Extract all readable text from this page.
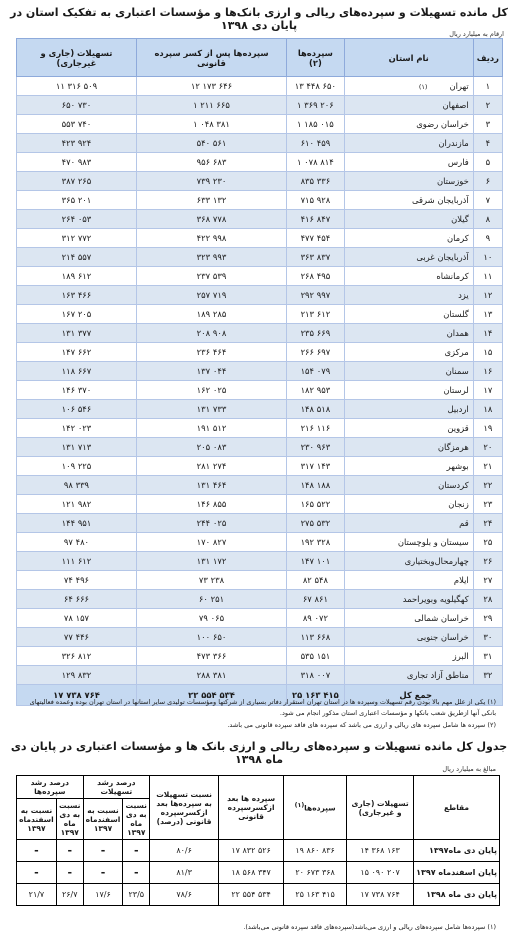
کل مانده تسهیلات و سپرده‌های ریالی و ارزی بانک‌ها و مؤسسات اعتباری به تفکیک استان در پایان دی ۱۳۹۸
ارقام به میلیارد ریال
ردیف	نام استان	سپرده‌ها (۲)	سپرده‌ها پس از کسر سپرده قانونی	تسهیلات (جاری و غیرجاری)
۱	تهران(۱)	۱۳ ۴۴۸ ۶۵۰	۱۲ ۱۷۳ ۶۴۶	۱۱ ۳۱۶ ۵۰۹
۲	اصفهان	۱ ۳۶۹ ۲۰۶	۱ ۲۱۱ ۶۶۵	۶۵۰ ۷۳۰
۳	خراسان رضوی	۱ ۱۸۵ ۰۱۵	۱ ۰۴۸ ۳۸۱	۵۵۳ ۷۴۰
۴	مازندران	۶۱۰ ۴۵۹	۵۴۰ ۵۶۱	۴۲۳ ۹۲۴
۵	فارس	۱ ۰۷۸ ۸۱۴	۹۵۶ ۶۸۳	۴۷۰ ۹۸۳
۶	خوزستان	۸۳۵ ۳۳۶	۷۳۹ ۲۳۰	۳۸۷ ۲۶۵
۷	آذربایجان شرقی	۷۱۵ ۹۲۸	۶۳۳ ۱۳۲	۳۶۵ ۲۰۱
۸	گیلان	۴۱۶ ۸۴۷	۳۶۸ ۷۷۸	۲۶۴ ۰۵۳
۹	کرمان	۴۷۷ ۴۵۴	۴۲۲ ۹۹۸	۳۱۲ ۷۷۲
۱۰	آذربایجان غربی	۳۶۳ ۸۳۷	۳۲۳ ۹۹۳	۲۱۴ ۵۵۷
۱۱	کرمانشاه	۲۶۸ ۴۹۵	۲۳۷ ۵۳۹	۱۸۹ ۶۱۲
۱۲	یزد	۲۹۲ ۹۹۷	۲۵۷ ۷۱۹	۱۶۳ ۴۶۶
۱۳	گلستان	۲۱۳ ۶۱۲	۱۸۹ ۲۸۵	۱۶۷ ۲۰۵
۱۴	همدان	۲۳۵ ۶۶۹	۲۰۸ ۹۰۸	۱۳۱ ۳۷۷
۱۵	مرکزی	۲۶۶ ۶۹۷	۲۳۶ ۴۶۴	۱۴۷ ۶۶۲
۱۶	سمنان	۱۵۴ ۰۷۹	۱۳۷ ۰۴۴	۱۱۸ ۶۶۷
۱۷	لرستان	۱۸۲ ۹۵۳	۱۶۲ ۰۲۵	۱۴۶ ۳۷۰
۱۸	اردبیل	۱۴۸ ۵۱۸	۱۳۱ ۷۳۳	۱۰۶ ۵۴۶
۱۹	قزوین	۲۱۶ ۱۱۶	۱۹۱ ۵۱۲	۱۴۲ ۰۲۳
۲۰	هرمزگان	۲۳۰ ۹۶۳	۲۰۵ ۰۸۳	۱۳۱ ۷۱۳
۲۱	بوشهر	۳۱۷ ۱۴۳	۲۸۱ ۲۷۴	۱۰۹ ۲۲۵
۲۲	کردستان	۱۴۸ ۱۸۸	۱۳۱ ۴۶۴	۹۸ ۳۳۹
۲۳	زنجان	۱۶۵ ۵۲۲	۱۴۶ ۸۵۵	۱۲۱ ۹۸۲
۲۴	قم	۲۷۵ ۵۳۲	۲۴۴ ۰۲۵	۱۴۴ ۹۵۱
۲۵	سیستان و بلوچستان	۱۹۲ ۳۲۸	۱۷۰ ۸۲۷	۹۷ ۴۸۰
۲۶	چهارمحال‌وبختیاری	۱۴۷ ۱۰۱	۱۳۱ ۱۷۲	۱۱۱ ۶۱۲
۲۷	ایلام	۸۲ ۵۴۸	۷۳ ۲۳۸	۷۴ ۴۹۶
۲۸	کهگیلویه وبویراحمد	۶۷ ۸۶۱	۶۰ ۲۵۱	۶۴ ۶۶۶
۲۹	خراسان شمالی	۸۹ ۰۷۲	۷۹ ۰۶۵	۷۸ ۱۵۷
۳۰	خراسان جنوبی	۱۱۳ ۶۶۸	۱۰۰ ۶۵۰	۷۷ ۴۴۶
۳۱	البرز	۵۳۵ ۱۵۱	۴۷۳ ۳۶۶	۳۲۶ ۸۱۲
۳۲	مناطق آزاد تجاری	۳۱۸ ۰۰۷	۲۸۸ ۳۸۱	۱۲۹ ۸۳۲
جمع کل		۲۵ ۱۶۳ ۴۱۵	۲۲ ۵۵۴ ۵۳۴	۱۷ ۷۳۸ ۷۶۴
(۱) یکی از علل مهم بالا بودن رقم تسهیلات وسپرده ها در استان تهران استقرار دفاتر بسیاری از شرکتها ومؤسسات تولیدی سایر استانها در استان تهران بوده وعمده فعالیتهای بانکی آنها ازطریق شعب بانکها و مؤسسات اعتباری استان مذکور انجام می شود.
(۲) سپرده ها شامل سپرده های ریالی و ارزی می باشد که سپرده های فاقد سپرده قانونی می باشد.
جدول کل مانده تسهیلات و سپرده‌های ریالی و ارزی بانک ها و مؤسسات اعتباری در پایان دی ماه ۱۳۹۸
مبالغ به میلیارد ریال
مقاطع	تسهیلات (جاری و غیرجاری)	سپرده‌ها$^{(۱)}$	سپرده ها بعد ازکسرسپرده قانونی	نسبت تسهیلات به سپرده‌ها بعد ازکسرسپرده قانونی (درصد)	درصد رشد تسهیلات		درصد رشد سپرده‌ها	
					نسبت به دی ماه ۱۳۹۷	نسبت به اسفندماه ۱۳۹۷	نسبت به دی ماه ۱۳۹۷	نسبت به اسفندماه ۱۳۹۷
پایان دی ماه۱۳۹۷	۱۴ ۳۶۸ ۱۶۳	۱۹ ۸۶۰ ۸۳۶	۱۷ ۸۳۲ ۵۲۶	۸۰/۶	-	-	-	-
پایان اسفندماه ۱۳۹۷	۱۵ ۰۹۰ ۲۰۷	۲۰ ۶۷۳ ۳۶۸	۱۸ ۵۶۸ ۳۴۷	۸۱/۳	-	-	-	-
پایان دی ماه ۱۳۹۸	۱۷ ۷۳۸ ۷۶۴	۲۵ ۱۶۳ ۴۱۵	۲۲ ۵۵۴ ۵۳۴	۷۸/۶	۲۳/۵	۱۷/۶	۲۶/۷	۲۱/۷
(۱) سپرده‌ها شامل سپرده‌های ریالی و ارزی می‌باشد(سپرده‌های فاقد سپرده قانونی می‌باشد).
